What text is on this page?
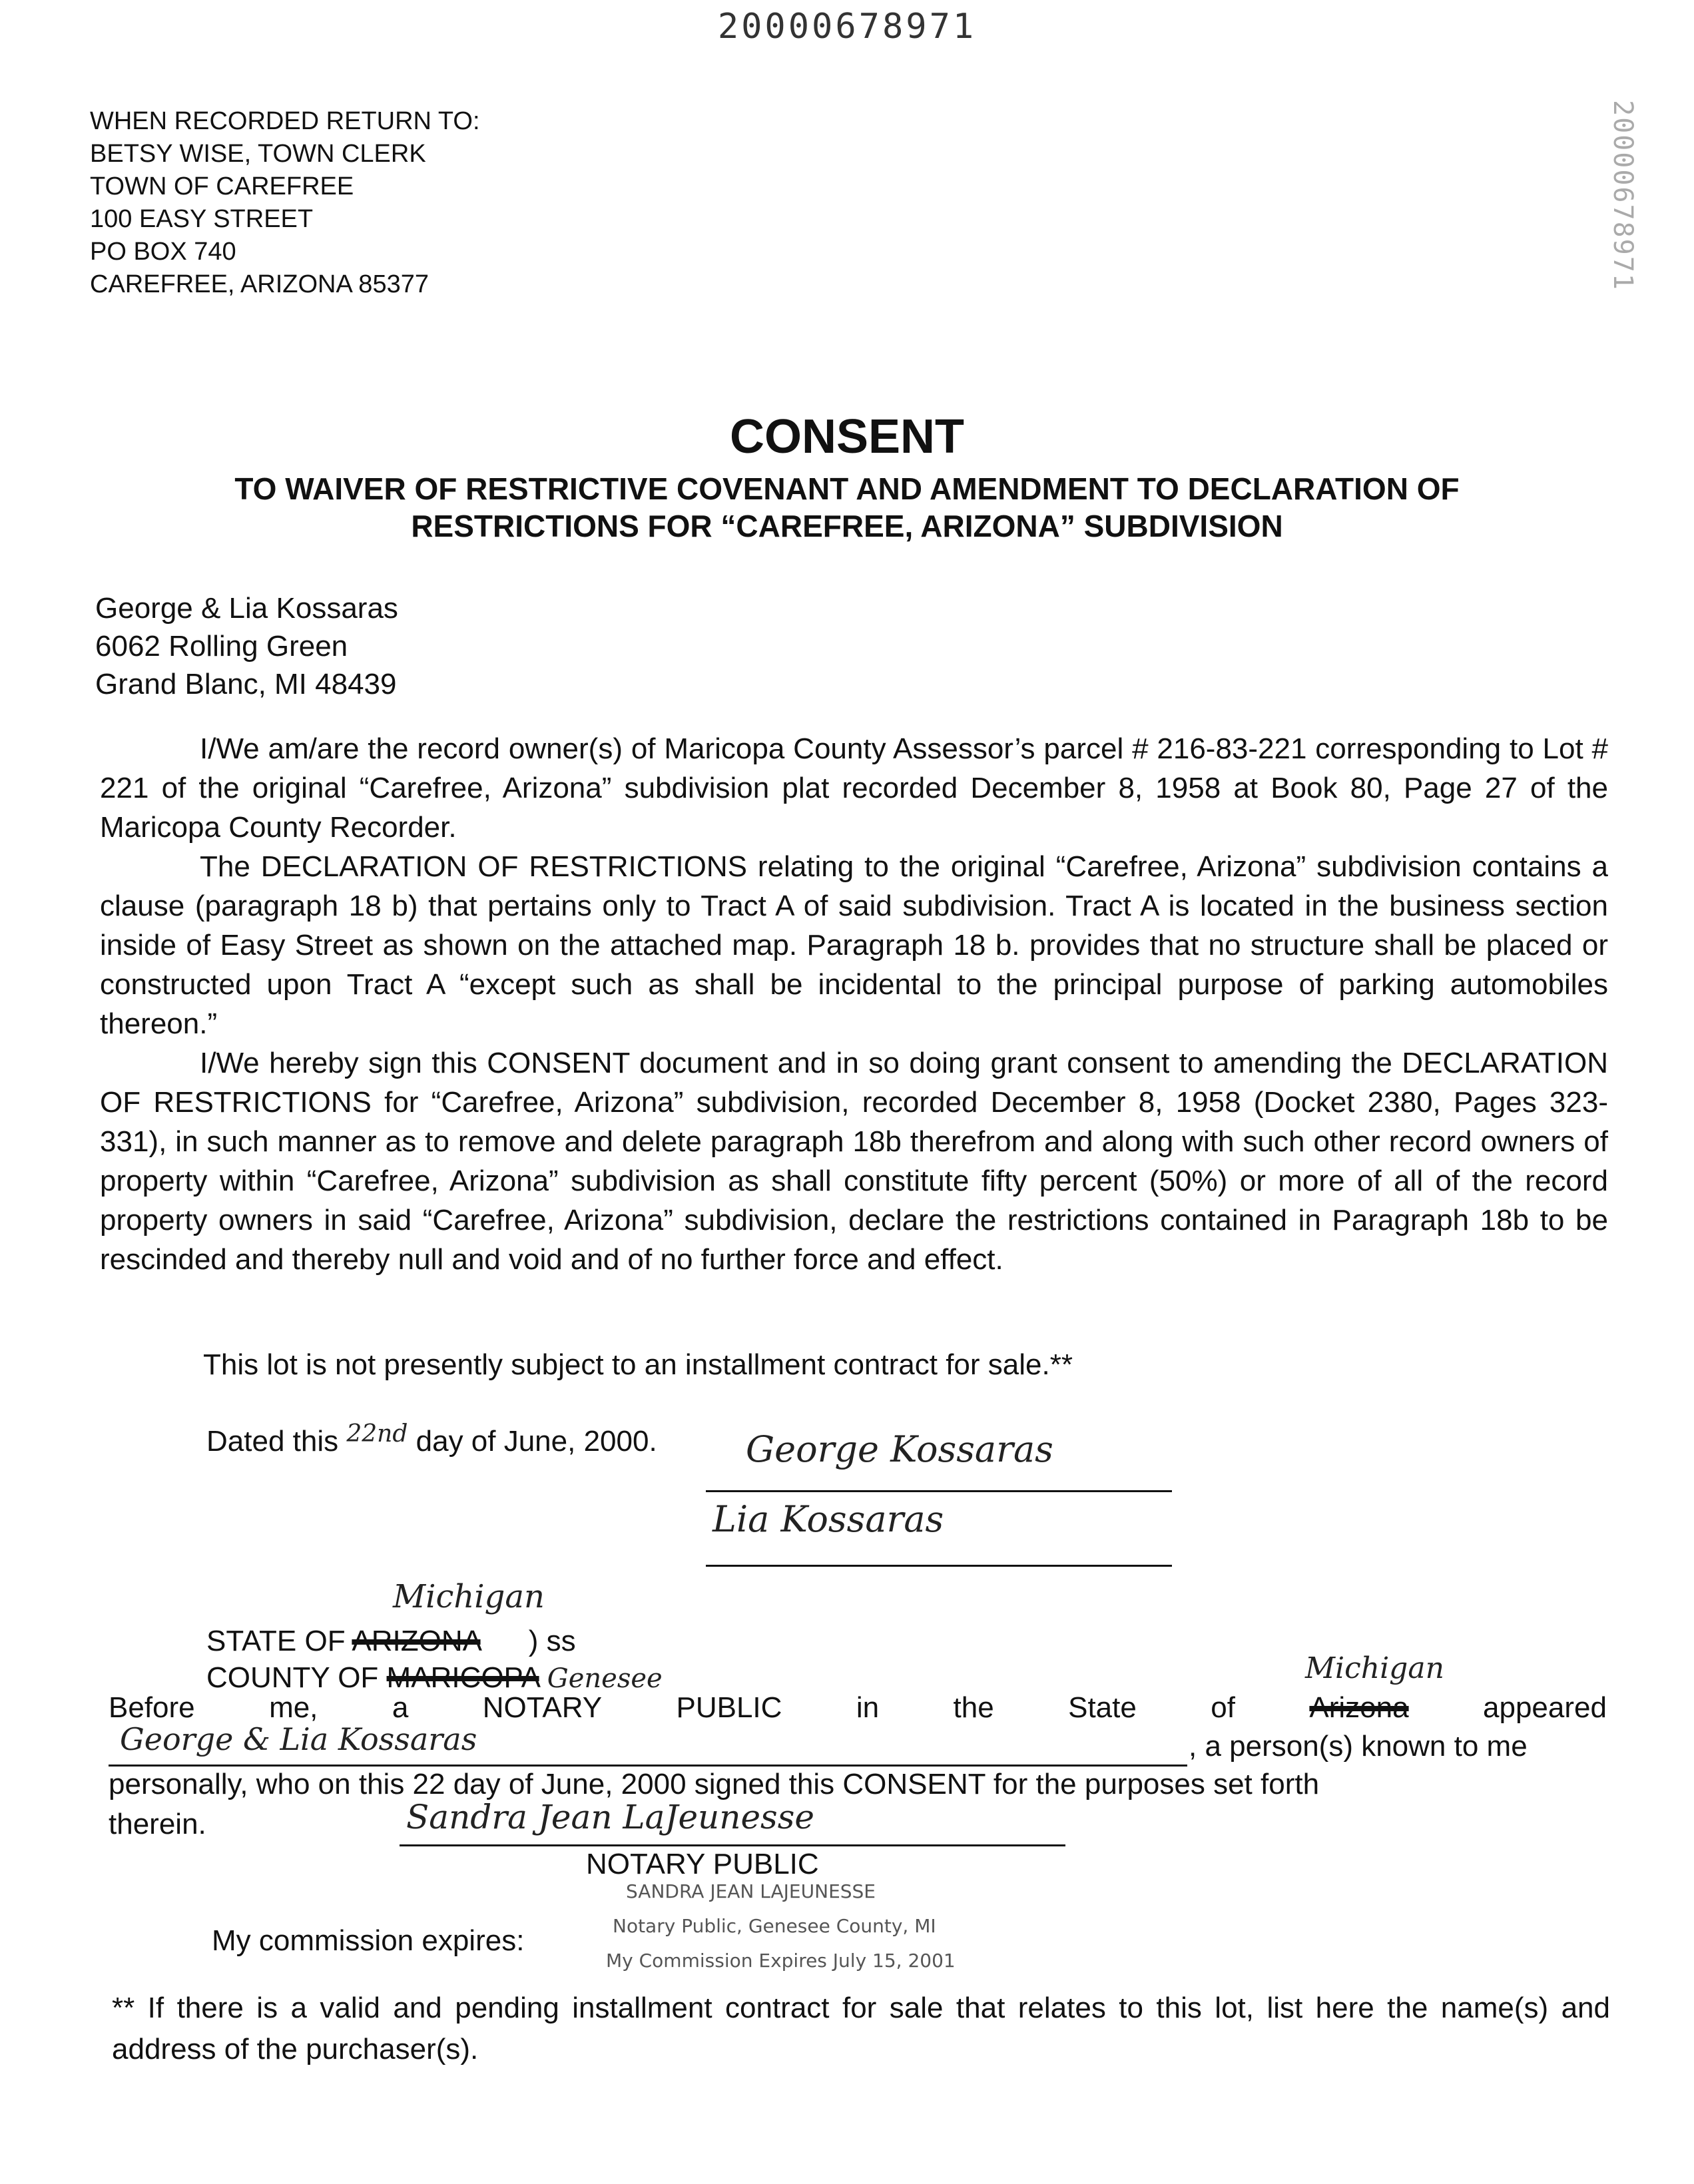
20000678971
20000678971
WHEN RECORDED RETURN TO:
BETSY WISE, TOWN CLERK
TOWN OF CAREFREE
100 EASY STREET
PO BOX 740
CAREFREE, ARIZONA 85377
CONSENT
TO WAIVER OF RESTRICTIVE COVENANT AND AMENDMENT TO DECLARATION OF
RESTRICTIONS FOR “CAREFREE, ARIZONA” SUBDIVISION
George & Lia Kossaras
6062 Rolling Green
Grand Blanc, MI 48439

I/We am/are the record owner(s) of Maricopa County Assessor’s parcel # 216-83-221 corresponding to Lot # 221 of the original “Carefree, Arizona” subdivision plat recorded December 8, 1958 at Book 80, Page 27 of the Maricopa County Recorder.

The DECLARATION OF RESTRICTIONS relating to the original “Carefree, Arizona” subdivision contains a clause (paragraph 18 b) that pertains only to Tract A of said subdivision. Tract A is located in the business section inside of Easy Street as shown on the attached map. Paragraph 18 b. provides that no structure shall be placed or constructed upon Tract A “except such as shall be incidental to the principal purpose of parking automobiles thereon.”

I/We hereby sign this CONSENT document and in so doing grant consent to amending the DECLARATION OF RESTRICTIONS for “Carefree, Arizona” subdivision, recorded December 8, 1958 (Docket 2380, Pages 323-331), in such manner as to remove and delete paragraph 18b therefrom and along with such other record owners of property within “Carefree, Arizona” subdivision as shall constitute fifty percent (50%) or more of all of the record property owners in said “Carefree, Arizona” subdivision, declare the restrictions contained in Paragraph 18b to be rescinded and thereby null and void and of no further force and effect.

This lot is not presently subject to an installment contract for sale.**
Dated this $^{22nd}$ day of June, 2000. George Kossaras
Lia Kossaras
Michigan
STATE OF ARIZONA ) ss
COUNTY OF MARICOPA Genesee	Michigan
Before	me,	a	NOTARY	PUBLIC	in	the	State	of	Arizona	appeared
George & Lia Kossaras	, a person(s) known to me
personally, who on this 22 day of June, 2000 signed this CONSENT for the purposes set forth
therein.	Sandra Jean LaJeunesse
NOTARY PUBLIC
My commission expires:
SANDRA JEAN LAJEUNESSE
Notary Public, Genesee County, MI
My Commission Expires July 15, 2001
** If there is a valid and pending installment contract for sale that relates to this lot, list here the name(s) and address of the purchaser(s).
